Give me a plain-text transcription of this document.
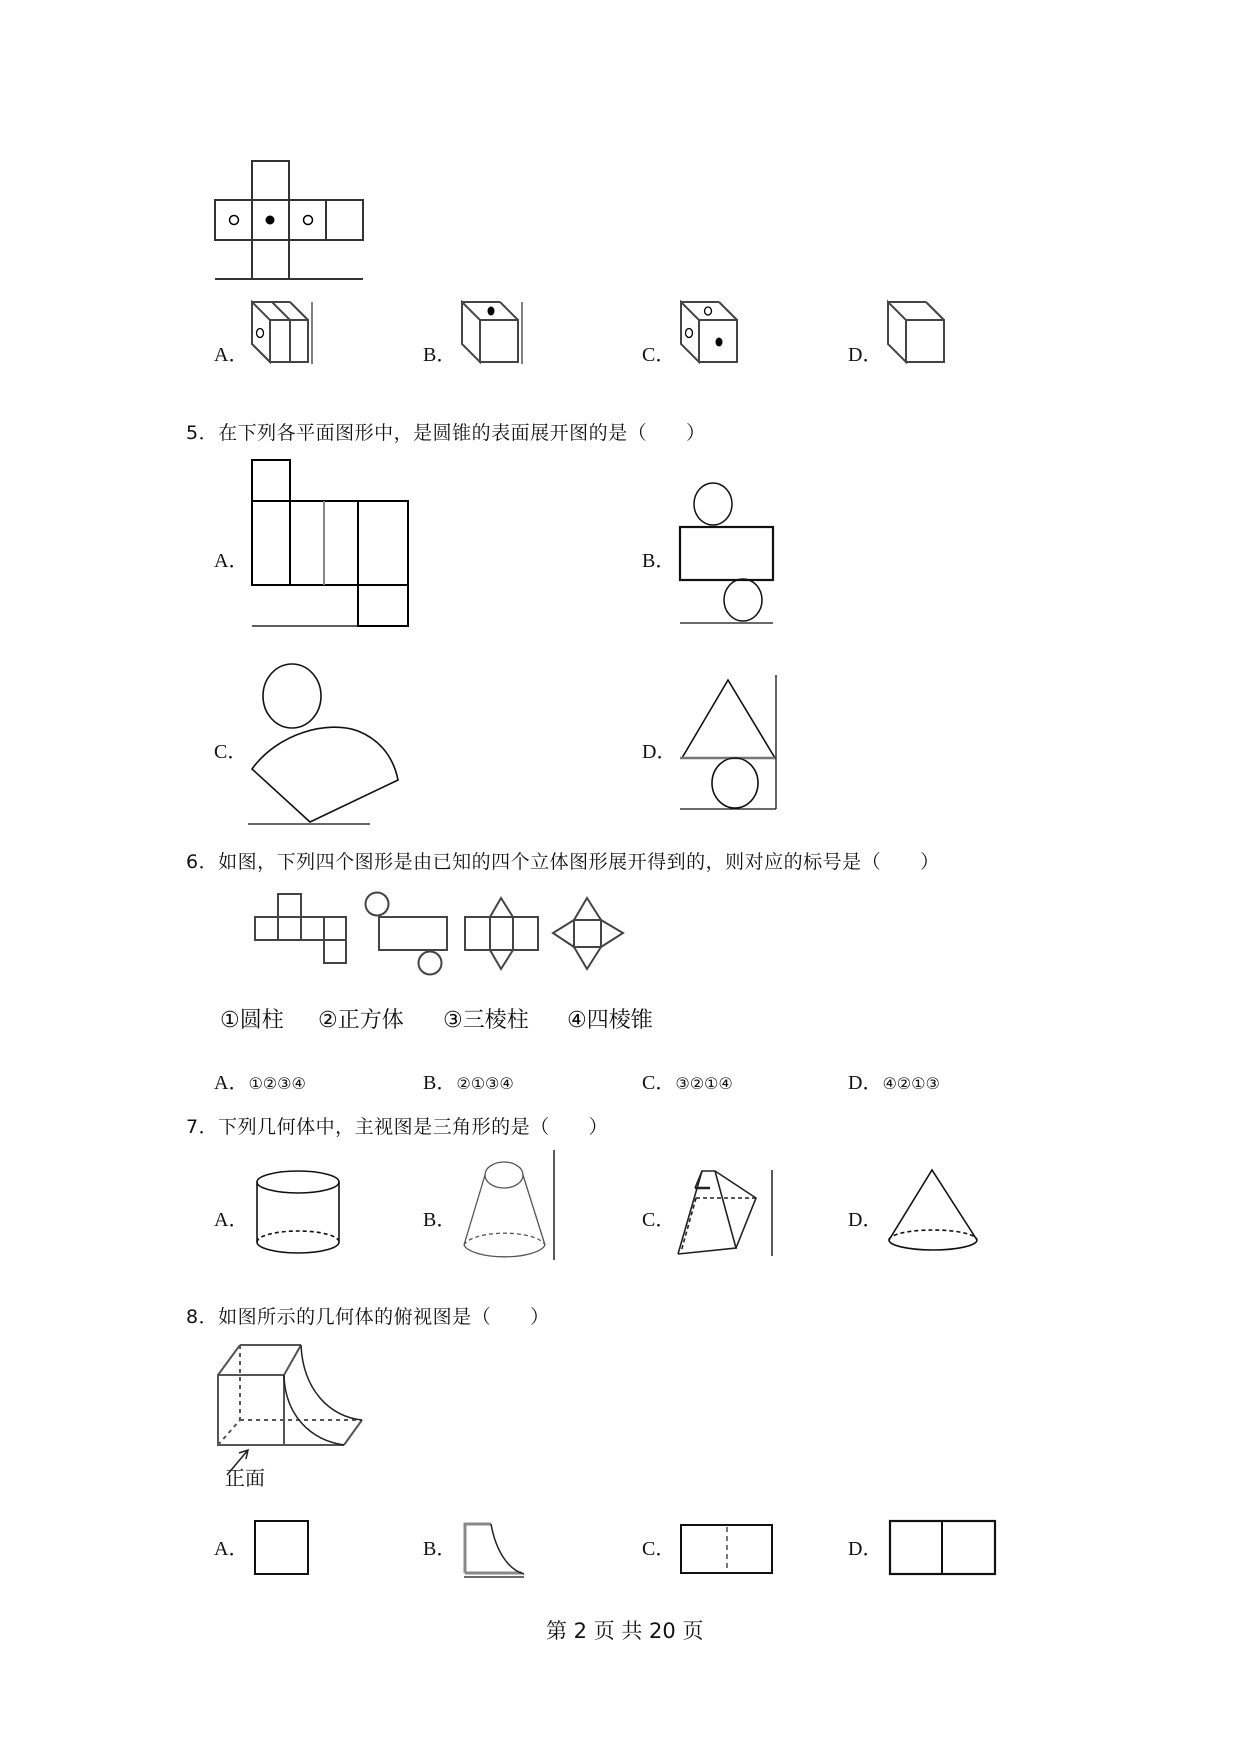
A．	B．	C．	D．
5．在下列各平面图形中，是圆锥的表面展开图的是（　　）
A．	B．
C．	D．
6．如图，下列四个图形是由已知的四个立体图形展开得到的，则对应的标号是（　　）
①圆柱 ②正方体 ③三棱柱 ④四棱锥
A．①②③④	B．②①③④	C．③②①④	D．④②①③
7．下列几何体中，主视图是三角形的是（　　）
A．	B．	C．	D．
8．如图所示的几何体的俯视图是（　　）
正面
A．	B．	C．	D．
第 2 页 共 20 页
